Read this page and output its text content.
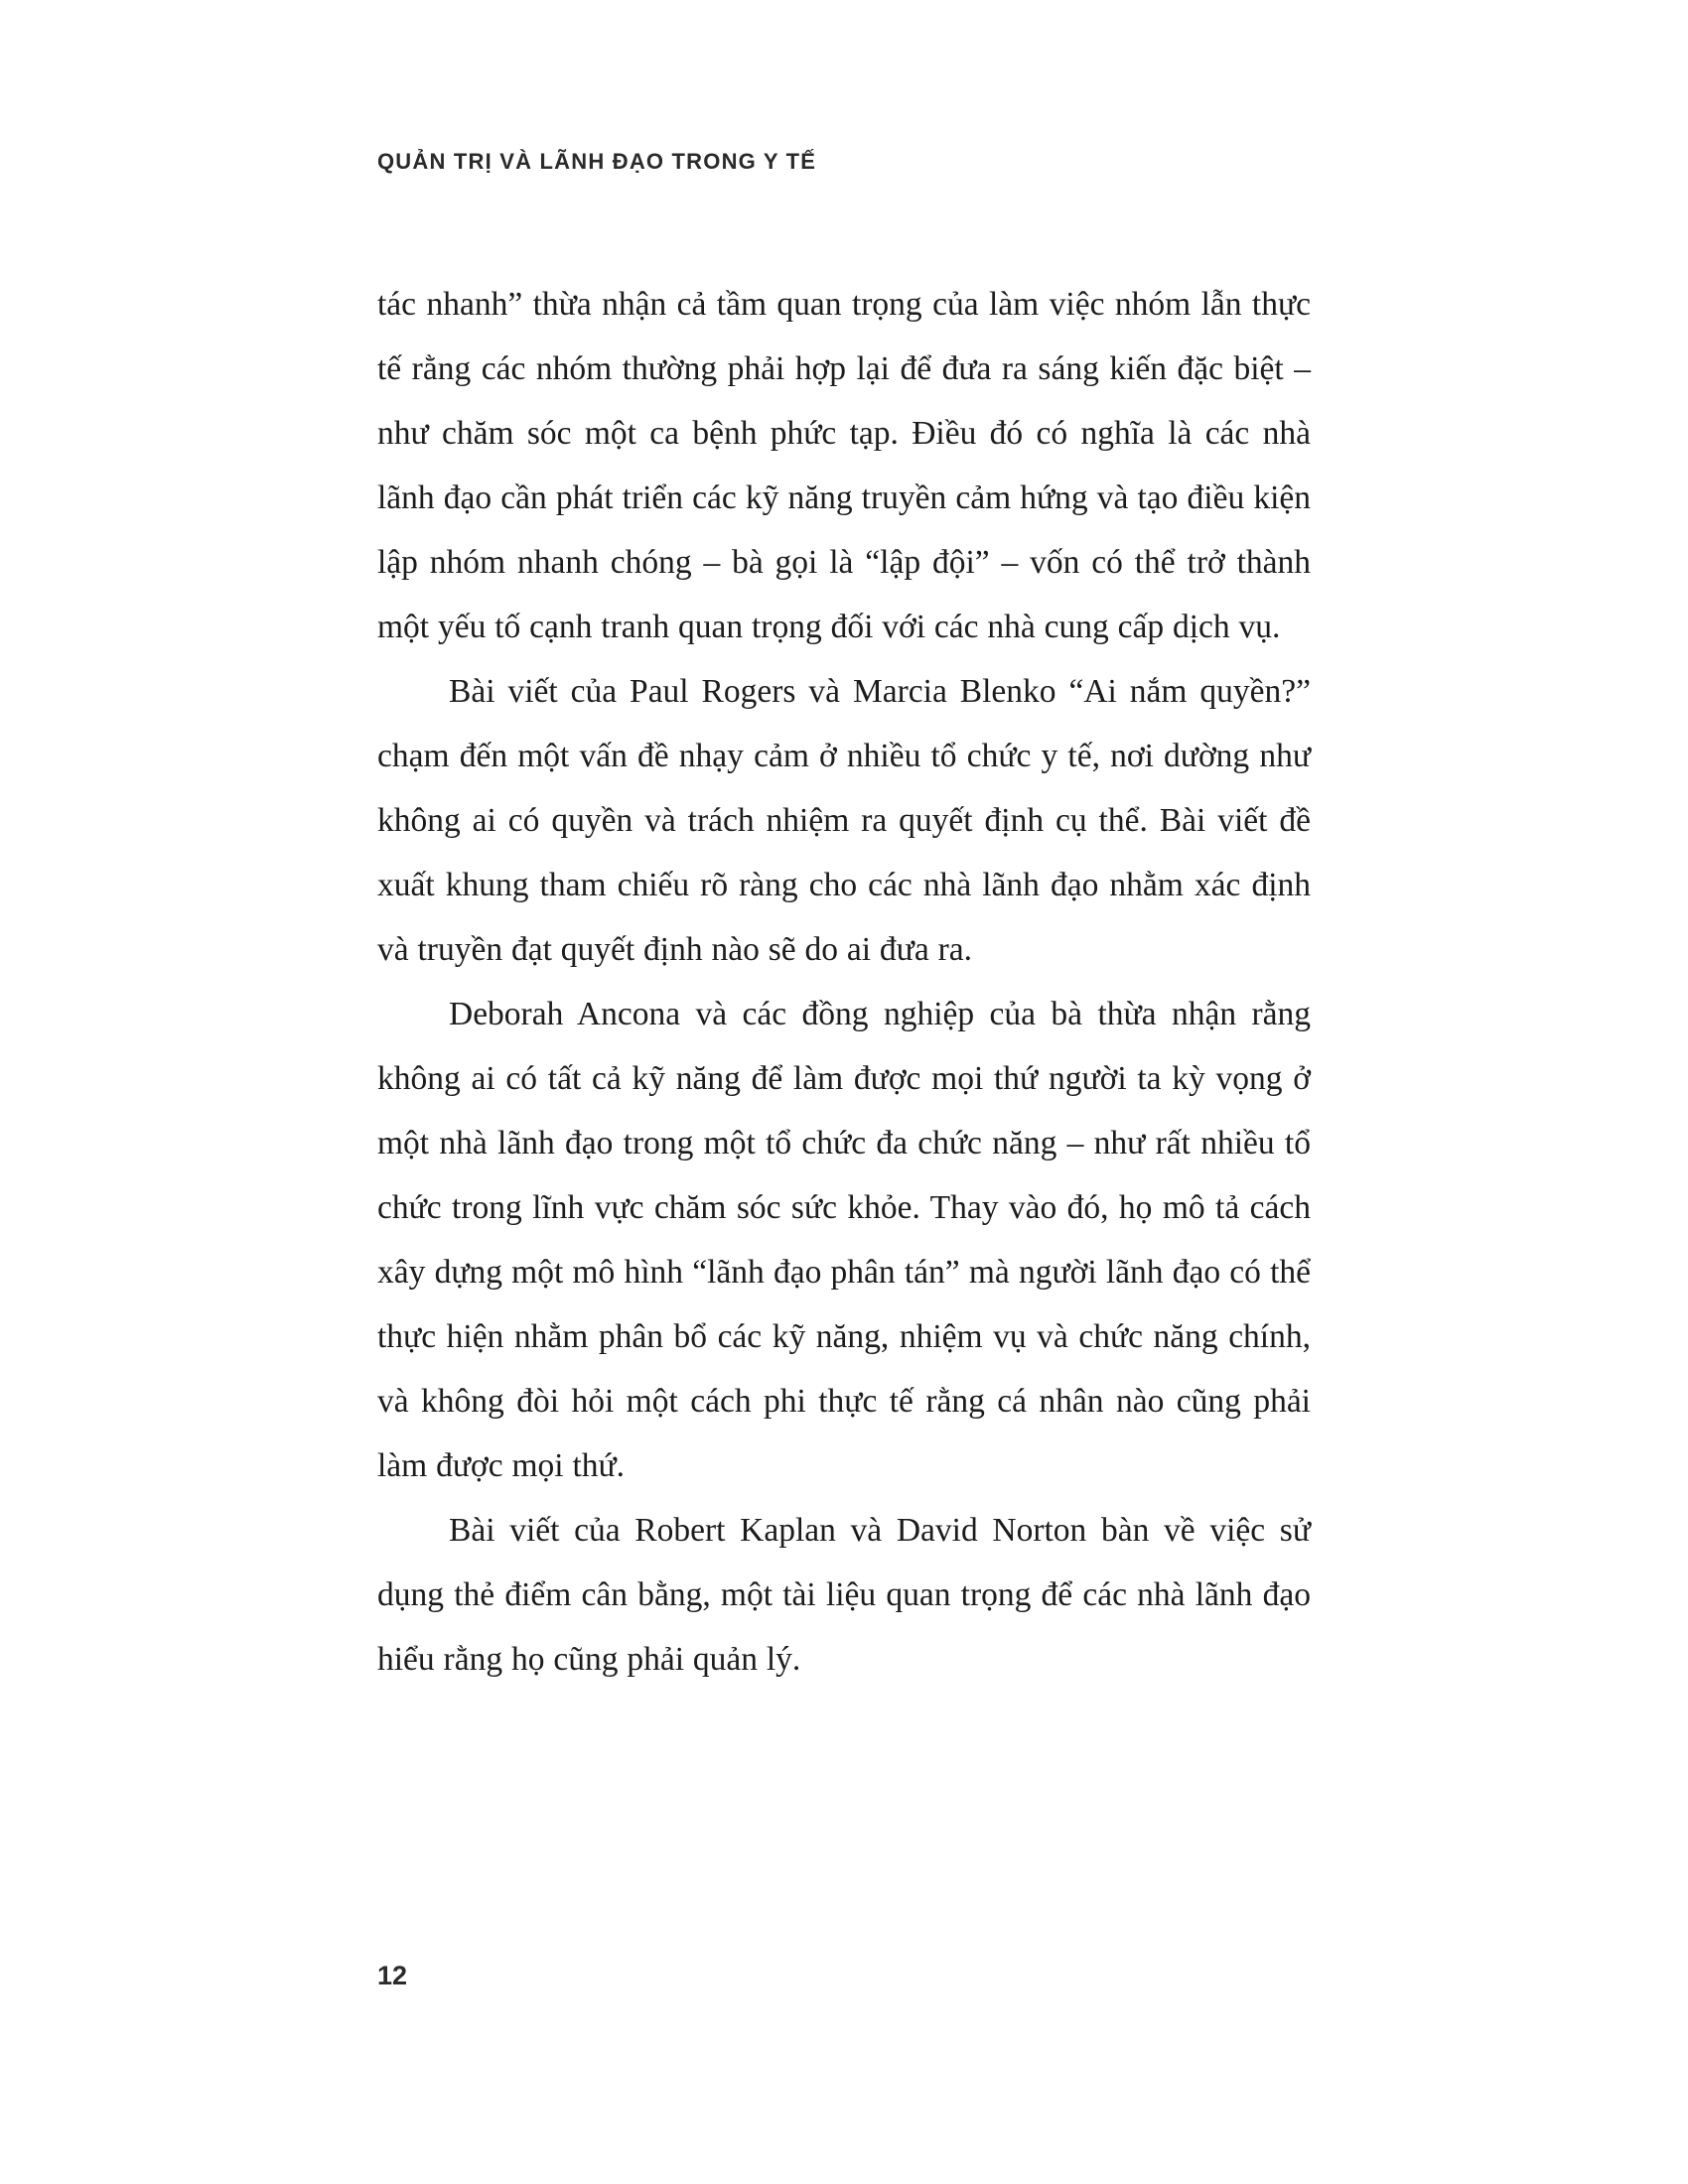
QUẢN TRỊ VÀ LÃNH ĐẠO TRONG Y TẾ

tác nhanh” thừa nhận cả tầm quan trọng của làm việc nhóm lẫn thực tế rằng các nhóm thường phải hợp lại để đưa ra sáng kiến đặc biệt – như chăm sóc một ca bệnh phức tạp. Điều đó có nghĩa là các nhà lãnh đạo cần phát triển các kỹ năng truyền cảm hứng và tạo điều kiện lập nhóm nhanh chóng – bà gọi là “lập đội” – vốn có thể trở thành một yếu tố cạnh tranh quan trọng đối với các nhà cung cấp dịch vụ.

Bài viết của Paul Rogers và Marcia Blenko “Ai nắm quyền?” chạm đến một vấn đề nhạy cảm ở nhiều tổ chức y tế, nơi dường như không ai có quyền và trách nhiệm ra quyết định cụ thể. Bài viết đề xuất khung tham chiếu rõ ràng cho các nhà lãnh đạo nhằm xác định và truyền đạt quyết định nào sẽ do ai đưa ra.

Deborah Ancona và các đồng nghiệp của bà thừa nhận rằng không ai có tất cả kỹ năng để làm được mọi thứ người ta kỳ vọng ở một nhà lãnh đạo trong một tổ chức đa chức năng – như rất nhiều tổ chức trong lĩnh vực chăm sóc sức khỏe. Thay vào đó, họ mô tả cách xây dựng một mô hình “lãnh đạo phân tán” mà người lãnh đạo có thể thực hiện nhằm phân bổ các kỹ năng, nhiệm vụ và chức năng chính, và không đòi hỏi một cách phi thực tế rằng cá nhân nào cũng phải làm được mọi thứ.

Bài viết của Robert Kaplan và David Norton bàn về việc sử dụng thẻ điểm cân bằng, một tài liệu quan trọng để các nhà lãnh đạo hiểu rằng họ cũng phải quản lý.

12
